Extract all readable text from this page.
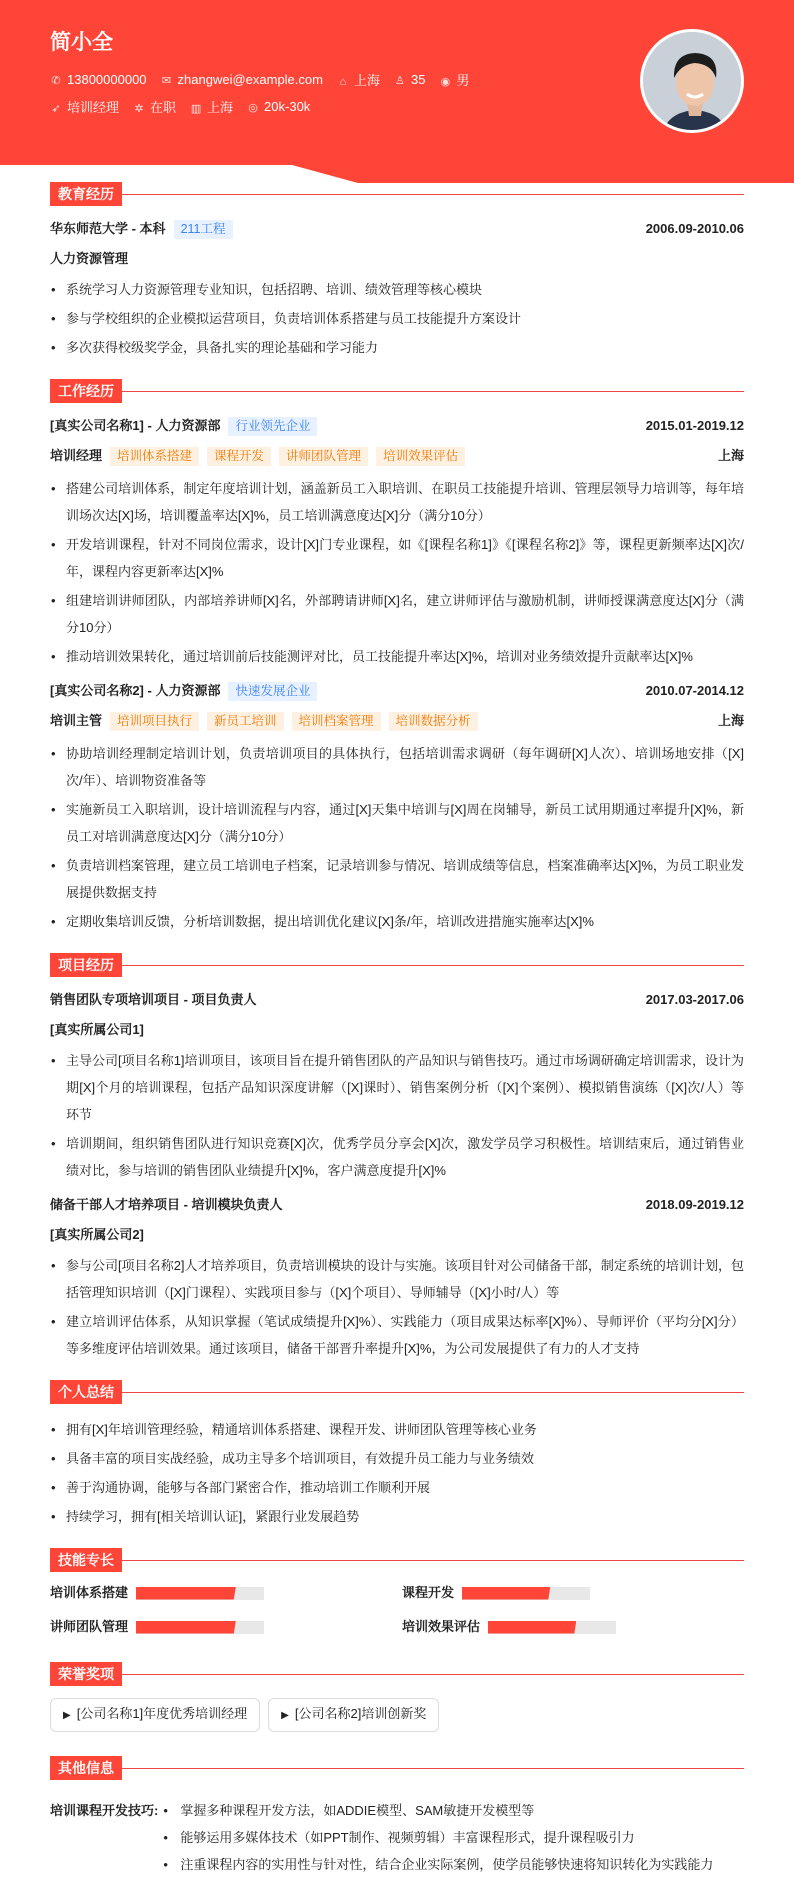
简小全
✆ 13800000000 ✉ zhangwei@example.com ⌂ 上海 ♙ 35 ◉ 男
➶ 培训经理 ✲ 在职 ▥ 上海 ◎ 20k-30k
教育经历
华东师范大学 - 本科	211工程	2006.09-2010.06
人力资源管理
• 系统学习人力资源管理专业知识，包括招聘、培训、绩效管理等核心模块
• 参与学校组织的企业模拟运营项目，负责培训体系搭建与员工技能提升方案设计
• 多次获得校级奖学金，具备扎实的理论基础和学习能力
工作经历
[真实公司名称1] - 人力资源部	行业领先企业	2015.01-2019.12
培训经理	培训体系搭建	课程开发	讲师团队管理	培训效果评估	上海
• 搭建公司培训体系，制定年度培训计划，涵盖新员工入职培训、在职员工技能提升培训、管理层领导力培训等，每年培训场次达[X]场，培训覆盖率达[X]%，员工培训满意度达[X]分（满分10分）
• 开发培训课程，针对不同岗位需求，设计[X]门专业课程，如《[课程名称1]》《[课程名称2]》等，课程更新频率达[X]次/年，课程内容更新率达[X]%
• 组建培训讲师团队，内部培养讲师[X]名，外部聘请讲师[X]名，建立讲师评估与激励机制，讲师授课满意度达[X]分（满分10分）
• 推动培训效果转化，通过培训前后技能测评对比，员工技能提升率达[X]%，培训对业务绩效提升贡献率达[X]%
[真实公司名称2] - 人力资源部	快速发展企业	2010.07-2014.12
培训主管	培训项目执行	新员工培训	培训档案管理	培训数据分析	上海
• 协助培训经理制定培训计划，负责培训项目的具体执行，包括培训需求调研（每年调研[X]人次）、培训场地安排（[X]次/年）、培训物资准备等
• 实施新员工入职培训，设计培训流程与内容，通过[X]天集中培训与[X]周在岗辅导，新员工试用期通过率提升[X]%，新员工对培训满意度达[X]分（满分10分）
• 负责培训档案管理，建立员工培训电子档案，记录培训参与情况、培训成绩等信息，档案准确率达[X]%，为员工职业发展提供数据支持
• 定期收集培训反馈，分析培训数据，提出培训优化建议[X]条/年，培训改进措施实施率达[X]%
项目经历
销售团队专项培训项目 - 项目负责人	2017.03-2017.06
[真实所属公司1]
• 主导公司[项目名称1]培训项目，该项目旨在提升销售团队的产品知识与销售技巧。通过市场调研确定培训需求，设计为期[X]个月的培训课程，包括产品知识深度讲解（[X]课时）、销售案例分析（[X]个案例）、模拟销售演练（[X]次/人）等环节
• 培训期间，组织销售团队进行知识竞赛[X]次，优秀学员分享会[X]次，激发学员学习积极性。培训结束后，通过销售业绩对比，参与培训的销售团队业绩提升[X]%，客户满意度提升[X]%
储备干部人才培养项目 - 培训模块负责人	2018.09-2019.12
[真实所属公司2]
• 参与公司[项目名称2]人才培养项目，负责培训模块的设计与实施。该项目针对公司储备干部，制定系统的培训计划，包括管理知识培训（[X]门课程）、实践项目参与（[X]个项目）、导师辅导（[X]小时/人）等
• 建立培训评估体系，从知识掌握（笔试成绩提升[X]%）、实践能力（项目成果达标率[X]%）、导师评价（平均分[X]分）等多维度评估培训效果。通过该项目，储备干部晋升率提升[X]%，为公司发展提供了有力的人才支持
个人总结
• 拥有[X]年培训管理经验，精通培训体系搭建、课程开发、讲师团队管理等核心业务
• 具备丰富的项目实战经验，成功主导多个培训项目，有效提升员工能力与业务绩效
• 善于沟通协调，能够与各部门紧密合作，推动培训工作顺利开展
• 持续学习，拥有[相关培训认证]，紧跟行业发展趋势
技能专长
培训体系搭建	课程开发
讲师团队管理	培训效果评估
荣誉奖项
▶ [公司名称1]年度优秀培训经理	▶ [公司名称2]培训创新奖
其他信息
培训课程开发技巧:	• 掌握多种课程开发方法，如ADDIE模型、SAM敏捷开发模型等
• 能够运用多媒体技术（如PPT制作、视频剪辑）丰富课程形式，提升课程吸引力
• 注重课程内容的实用性与针对性，结合企业实际案例，使学员能够快速将知识转化为实践能力
